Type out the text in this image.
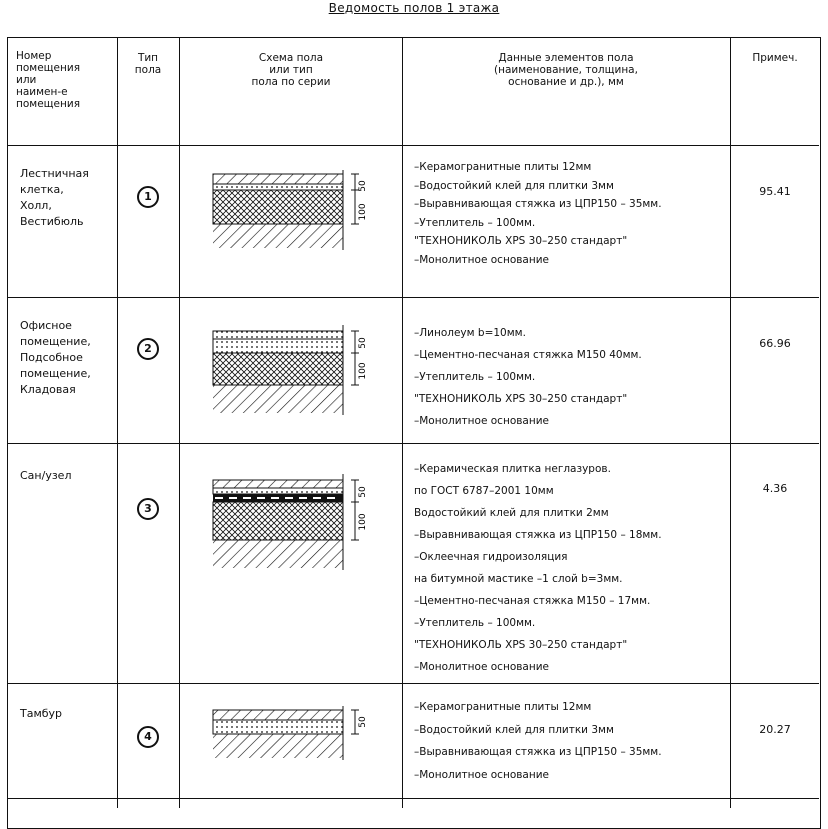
Ведомость полов 1 этажа
Номер
помещения
или
наимен-е
помещения
Тип
пола
Схема пола
или тип
пола по серии
Данные элементов пола
(наименование, толщина,
основание и др.), мм
Примеч.
Лестничная
клетка,
Холл,
Вестибюль
1
50
100
–Керамогранитные плиты 12мм
–Водостойкий клей для плитки 3мм
–Выравнивающая стяжка из ЦПР150 – 35мм.
–Утеплитель – 100мм.
"ТЕХНОНИКОЛЬ XPS 30–250 стандарт"
–Монолитное основание
95.41
Офисное
помещение,
Подсобное
помещение,
Кладовая
2	50
100
–Линолеум b=10мм.
–Цементно-песчаная стяжка М150 40мм.
–Утеплитель – 100мм.
"ТЕХНОНИКОЛЬ XPS 30–250 стандарт"
–Монолитное основание
66.96
Сан/узел
3
50
100
–Керамическая плитка неглазуров.
по ГОСТ 6787–2001 10мм
Водостойкий клей для плитки 2мм
–Выравнивающая стяжка из ЦПР150 – 18мм.
–Оклеечная гидроизоляция
на битумной мастике –1 слой b=3мм.
–Цементно-песчаная стяжка М150 – 17мм.
–Утеплитель – 100мм.
"ТЕХНОНИКОЛЬ XPS 30–250 стандарт"
–Монолитное основание
4.36
Тамбур
4
50
–Керамогранитные плиты 12мм
–Водостойкий клей для плитки 3мм
–Выравнивающая стяжка из ЦПР150 – 35мм.
–Монолитное основание
20.27
